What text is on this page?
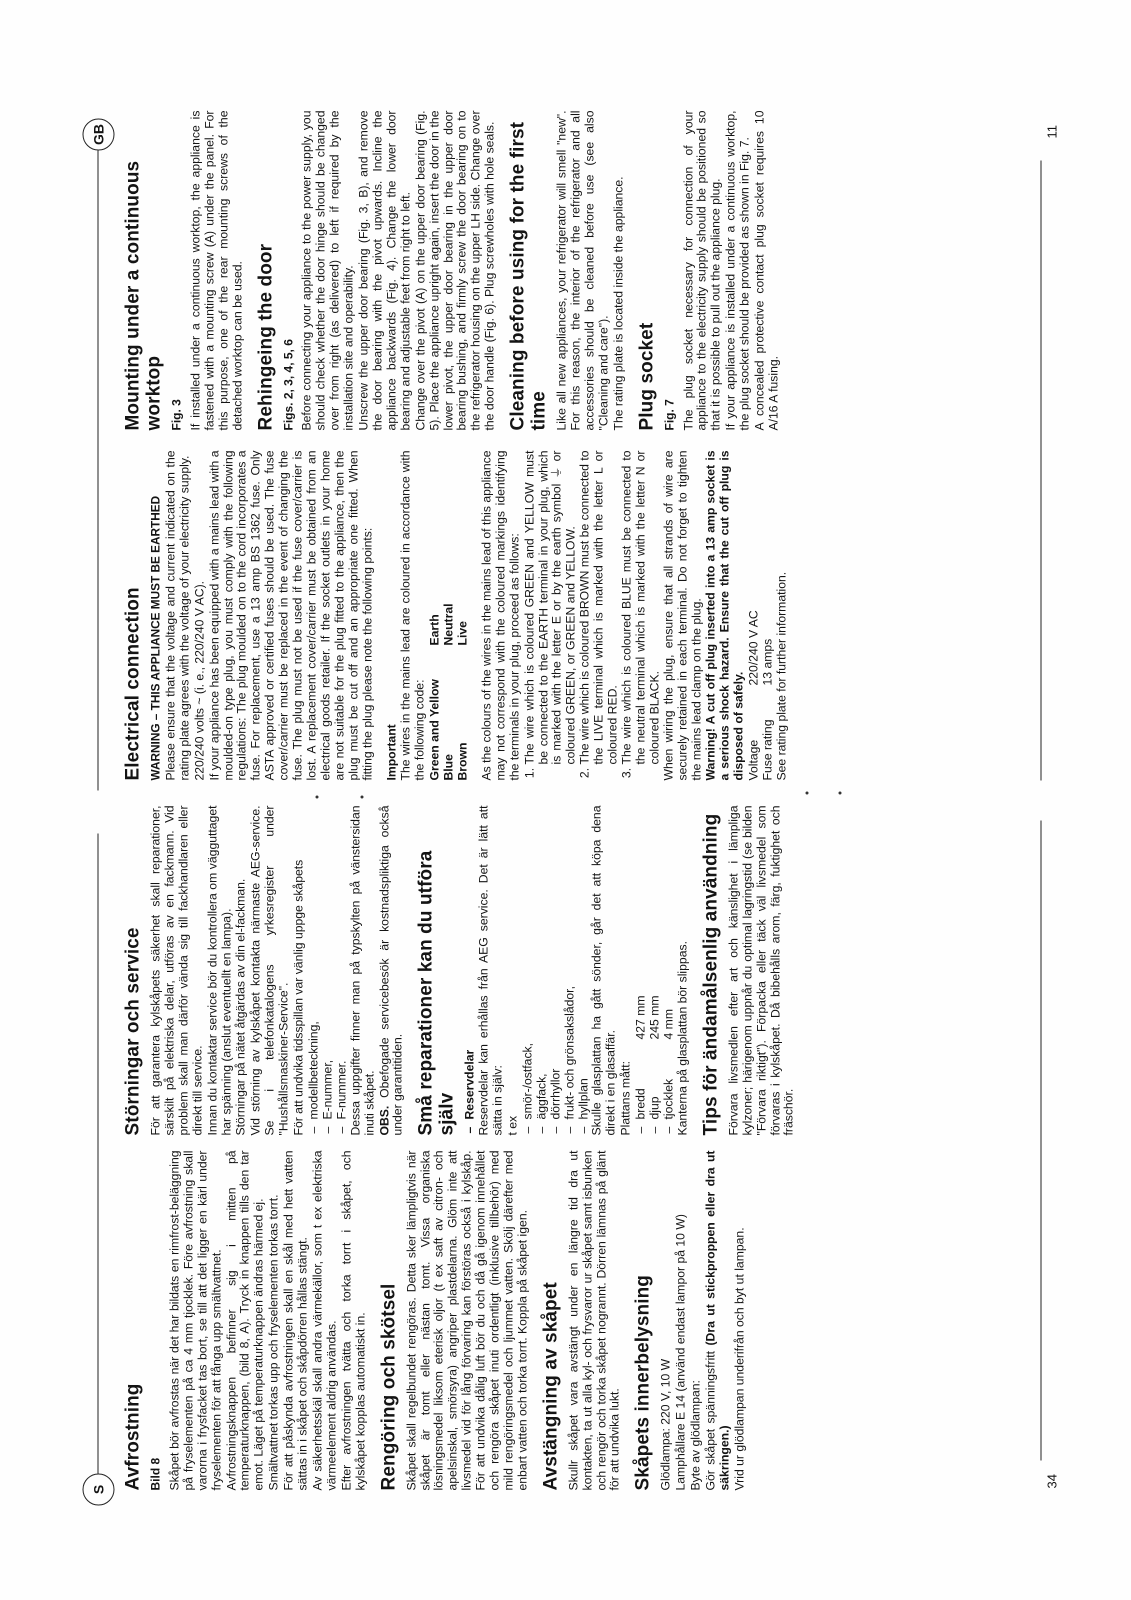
S
GB
Avfrostning Bild 8 Skåpet bör avfrostas när det har bildats en rimfrost-beläggning på fryselementen på ca 4 mm tjocklek. Före avfrostning skall varorna i frysfacket tas bort, se till att det ligger en kärl under fryselementen för att fånga upp smältvattnet. Avfrostningsknappen befinner sig i mitten på temperaturknappen, (bild 8, A). Tryck in knappen tills den tar emot. Läget på temperaturknappen ändras härmed ej. Smältvattnet torkas upp och fryselementen torkas torrt. För att påskynda avfrostningen skall en skål med hett vatten sättas in i skåpet och skåpdörren hållas stängt. Av säkerhetsskäl skall andra värmekällor, som t ex elektriska värmeelement aldrig användas. Efter avfrostningen tvätta och torka torrt i skåpet, och kylskåpet kopplas automatiskt in. Rengöring och skötsel Skåpet skall regelbundet rengöras. Detta sker lämpligtvis när skåpet är tomt eller nästan tomt. Vissa organiska lösningsmedel liksom eterisk oljor (t ex saft av citron- och apelsinskal, smörsyra) angriper plastdelarna. Glöm inte att livsmedel vid för lång förvaring kan förstöras också i kylskåp. För att undvika dålig luft bör du och då gå igenom innehållet och rengöra skåpet inuti ordentligt (inklusive tillbehör) med mild rengöringsmedel och ljummet vatten. Skölj därefter med enbart vatten och torka torrt. Koppla på skåpet igen. Avstängning av skåpet Skullr skåpet vara avstängt under en längre tid dra ut kontakten, ta ut alla kyl- och frysvaror ur skåpet samt isbunken och rengör och torka skåpet nogrannt. Dörren lämnas på glänt för att undvika lukt. Skåpets innerbelysning Glödlampa: 220 V, 10 W Lamphållare E 14 (använd endast lampor på 10 W) Byte av glödlampan: Gör skåpet spänningsfritt (Dra ut stickproppen eller dra ut säkringen.) Vrid ur glödlampan underifrån och byt ut lampan.

Störningar och service För att garantera kylskåpets säkerhet skall reparationer, särskilt på elektriska delar, utföras av en fackmann. Vid problem skall man därför vända sig till fackhandlaren eller direkt till service. Innan du kontaktar service bör du kontrollera om vägguttaget har spänning (anslut eventuellt en lampa). Störningar på nätet åtgärdas av din el-fackman. Vid störning av kylskåpet kontakta närmaste AEG-service. Se i telefonkatalogens yrkesregister under "Hushållsmaskiner-Service". För att undvika tidsspillan var vänlig uppge skåpets – modellbeteckning, – E-nummer, – F-nummer. Dessa uppgifter finner man på typskylten på vänstersidan inuti skåpet. OBS. Obefogade servicebesök är kostnadspliktiga också under garantitiden. Små reparationer kan du utföra själv – Reservdelar Reservdelar kan erhållas från AEG service. Det är lätt att sätta in själv: t ex

– smör-/ostfack, – äggfack, – dörrhyllor – frukt- och grönsakslådor, – hyllplan Skulle glasplattan ha gått sönder, går det att köpa dena direkt i en glasaffär. Plattans mått: – bredd
427 mm
– djup
245 mm
– tjocklek
4 mm Kanterna på glasplattan bör slippas. Tips för ändamålsenlig användning Förvara livsmedlen efter art och känslighet i lämpliga kylzoner; härigenom uppnår du optimal lagringstid (se bilden "Förvara riktigt"). Förpacka eller täck väl livsmedel som förvaras i kylskåpet. Då bibehålls arom, färg, fuktighet och fräschör.

Electrical connection WARNING – THIS APPLIANCE MUST BE EARTHED Please ensure that the voltage and current indicated on the rating plate agrees with the voltage of your electricity supply. 220/240 volts ~ (i. e., 220/240 V AC). If your appliance has been equipped with a mains lead with a moulded-on type plug, you must comply with the following regulations: The plug moulded on to the cord incorporates a fuse. For replacement, use a 13 amp BS 1362 fuse. Only ASTA approved or certified fuses should be used. The fuse cover/carrier must be replaced in the event of changing the fuse. The plug must not be used if the fuse cover/carrier is lost. A replacement cover/carrier must be obtained from an electrical goods retailer. If the socket outlets in your home are not suitable for the plug fitted to the appliance, then the plug must be cut off and an appropriate one fitted. When fitting the plug please note the following points: Important The wires in the mains lead are coloured in accordance with the following code: Green and Yellow
Earth
Blue
Neutral
Brown
Live As the colours of the wires in the mains lead of this appliance may not correspond with the coloured markings identifying the terminals in your plug, proceed as follows: 1. The wire which is coloured GREEN and YELLOW must be connected to the EARTH terminal in your plug, which is marked with the letter E or by the earth symbol ⏚ or coloured GREEN, or GREEN and YELLOW. 2. The wire which is coloured BROWN must be connected to the LIVE terminal which is marked with the letter L or coloured RED. 3. The wire which is coloured BLUE must be connected to the neutral terminal which is marked with the letter N or coloured BLACK. When wiring the plug, ensure that all strands of wire are securely retained in each terminal. Do not forget to tighten the mains lead clamp on the plug. Warning! A cut off plug inserted into a 13 amp socket is a serious shock hazard. Ensure that the cut off plug is disposed of safely. Voltage
220/240 V AC
Fuse rating
13 amps See rating plate for further information.

Mounting under a continuous worktop Fig. 3 If installed under a continuous worktop, the appliance is fastened with a mounting screw (A) under the panel. For this purpose, one of the rear mounting screws of the detached worktop can be used. Rehingeing the door Figs. 2, 3, 4, 5, 6 Before connecting your appliance to the power supply, you should check whether the door hinge should be changed over from right (as delivered) to left if required by the installation site and operability. Unscrew the upper door bearing (Fig. 3, B), and remove the door bearing with the pivot upwards. Incline the appliance backwards (Fig. 4). Change the lower door bearing and adjustable feet from right to left. Change over the pivot (A) on the upper door bearing (Fig. 5). Place the appliance upright again, insert the door in the lower pivot, the upper door bearing in the upper door bearing bushing, and firmly screw the door bearing on to the refrigerator housing on the upper LH side. Change over the door handle (Fig. 6). Plug screwholes with hole seals. Cleaning before using for the first time Like all new appliances, your refrigerator will smell "new". For this reason, the interior of the refrigerator and all accessories should be cleaned before use (see also "Cleaning and care"). The rating plate is located inside the appliance. Plug socket Fig. 7 The plug socket necessary for connection of your appliance to the electricity supply should be positioned so that it is possible to pull out the appliance plug. If your appliance is installed under a continuous worktop, the plug socket should be provided as shown in Fig. 7. A concealed protective contact plug socket requires 10 A/16 A fusing.

34
11
